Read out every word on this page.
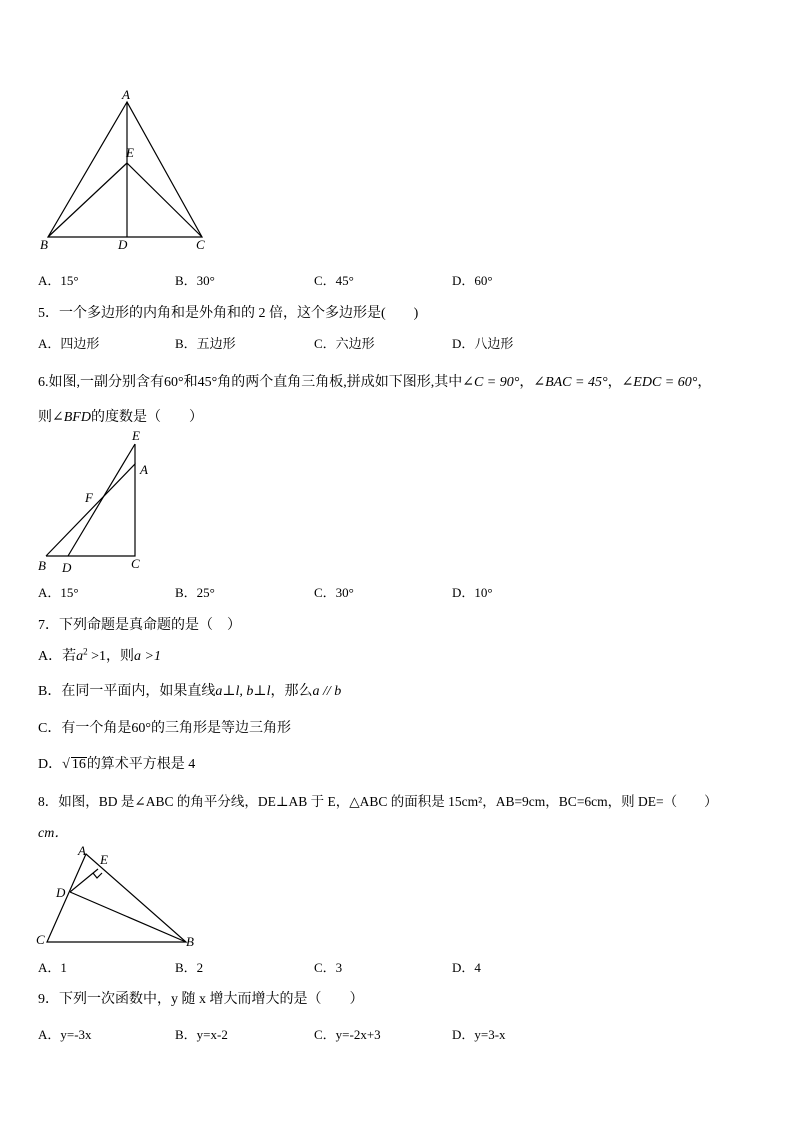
A
E
B	D	C
A．15°	B．30°	C．45°	D．60°
5．一个多边形的内角和是外角和的 2 倍，这个多边形是(　　)
A．四边形	B．五边形	C．六边形	D．八边形
6.如图,一副分别含有60°和45°角的两个直角三角板,拼成如下图形,其中∠C = 90°，∠BAC = 45°，∠EDC = 60°，
则∠BFD的度数是（　　）
E
A
F
B D	C
A．15°	B．25°	C．30°	D．10°
7．下列命题是真命题的是（　）
A．若$a^2 >1$，则a >1
B．在同一平面内，如果直线a⊥l, b⊥l，那么a // b
C．有一个角是60°的三角形是等边三角形
D．√ 16的算术平方根是 4
8．如图，BD 是∠ABC 的角平分线，DE⊥AB 于 E，△ABC 的面积是 15cm²，AB=9cm，BC=6cm，则 DE=（　　）
cm．
A
E
D
C	B
A．1	B．2	C．3	D．4
9．下列一次函数中，y 随 x 增大而增大的是（　　）
A．y=-3x	B．y=x-2	C．y=-2x+3	D．y=3-x
